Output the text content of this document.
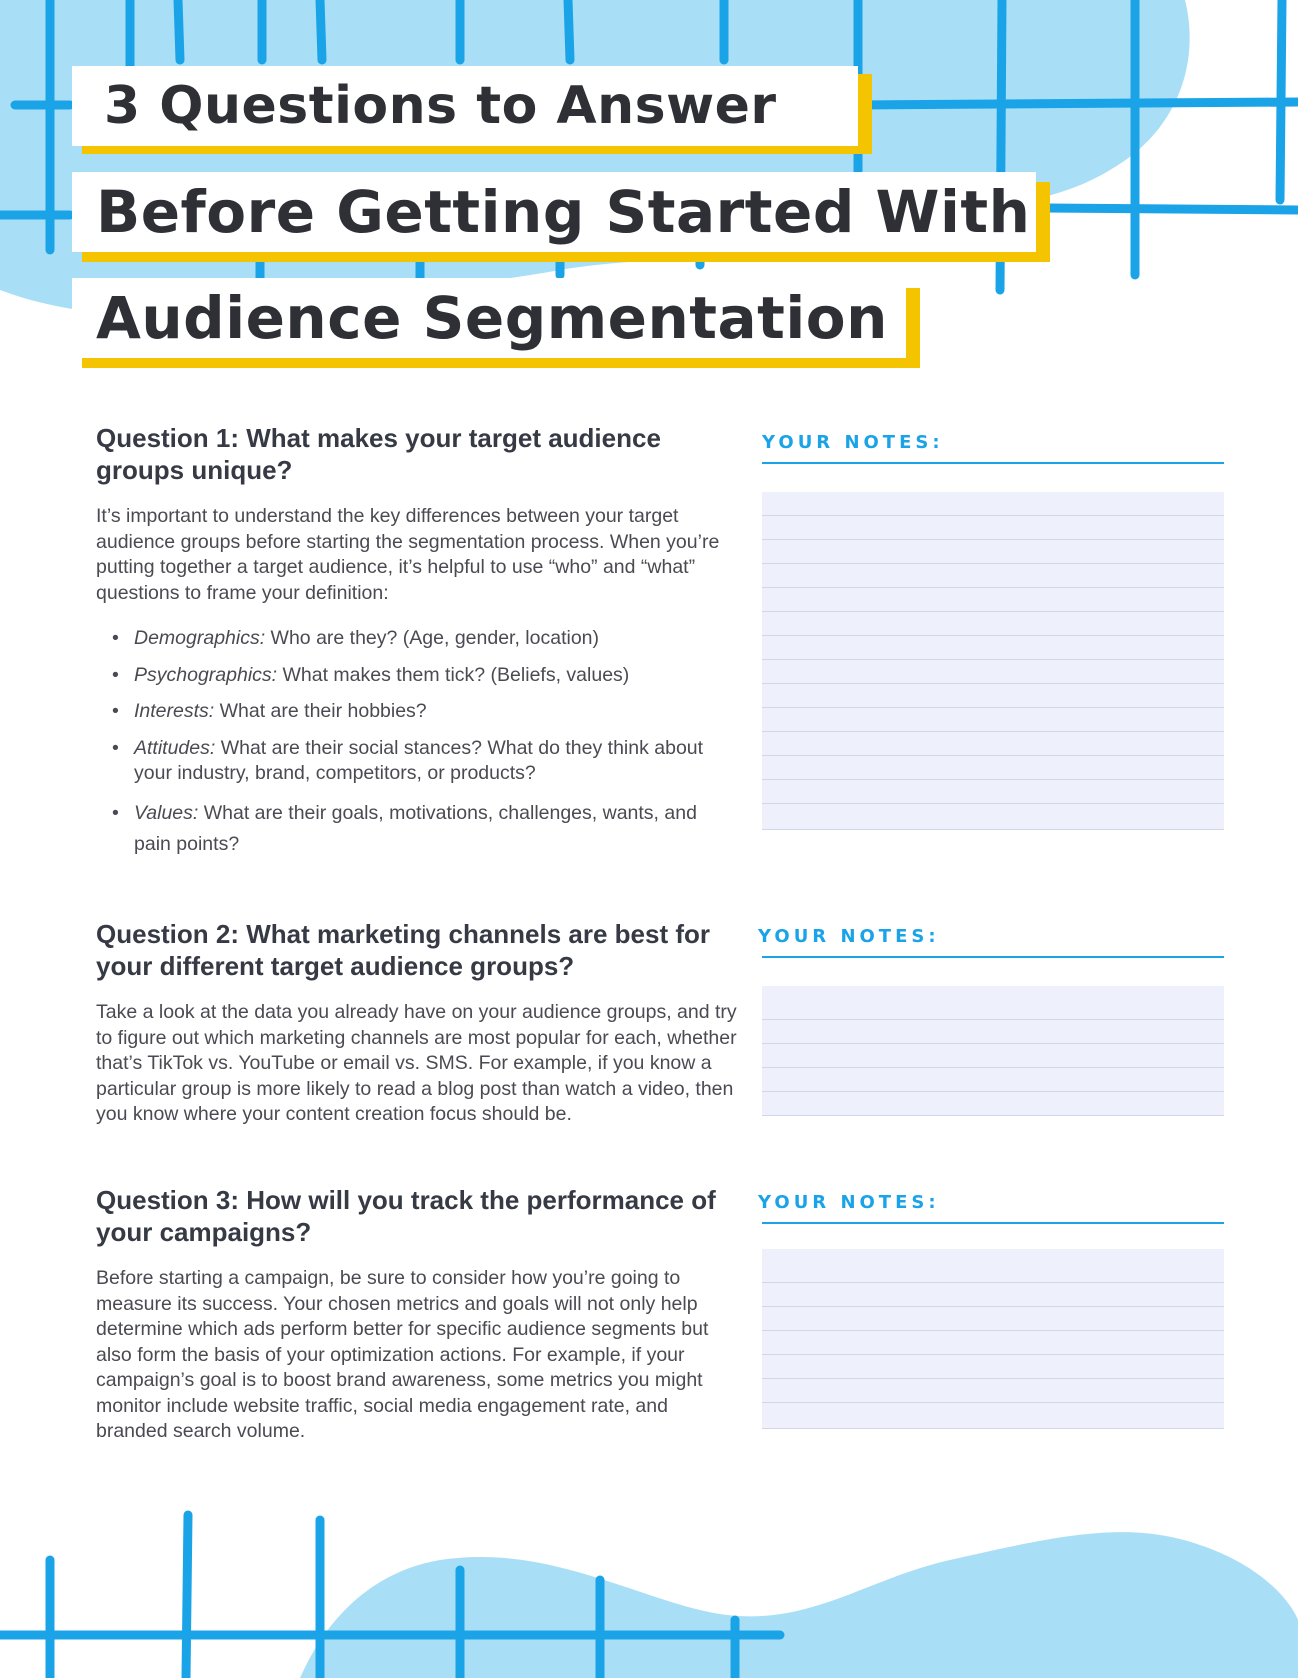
3 Questions to Answer
Before Getting Started With
Audience Segmentation
Question 1: What makes your target audience groups unique?

It’s important to understand the key differences between your target audience groups before starting the segmentation process. When you’re putting together a target audience, it’s helpful to use “who” and “what” questions to frame your definition:

• Demographics: Who are they? (Age, gender, location)
• Psychographics: What makes them tick? (Beliefs, values)
• Interests: What are their hobbies?
• Attitudes: What are their social stances? What do they think about your industry, brand, competitors, or products?
• Values: What are their goals, motivations, challenges, wants, and pain points?
Question 2: What marketing channels are best for your different target audience groups?

Take a look at the data you already have on your audience groups, and try to figure out which marketing channels are most popular for each, whether that’s TikTok vs. YouTube or email vs. SMS. For example, if you know a particular group is more likely to read a blog post than watch a video, then you know where your content creation focus should be.

Question 3: How will you track the performance of your campaigns?

Before starting a campaign, be sure to consider how you’re going to measure its success. Your chosen metrics and goals will not only help determine which ads perform better for specific audience segments but also form the basis of your optimization actions. For example, if your campaign’s goal is to boost brand awareness, some metrics you might monitor include website traffic, social media engagement rate, and branded search volume.

YOUR NOTES:
YOUR NOTES:
YOUR NOTES:
